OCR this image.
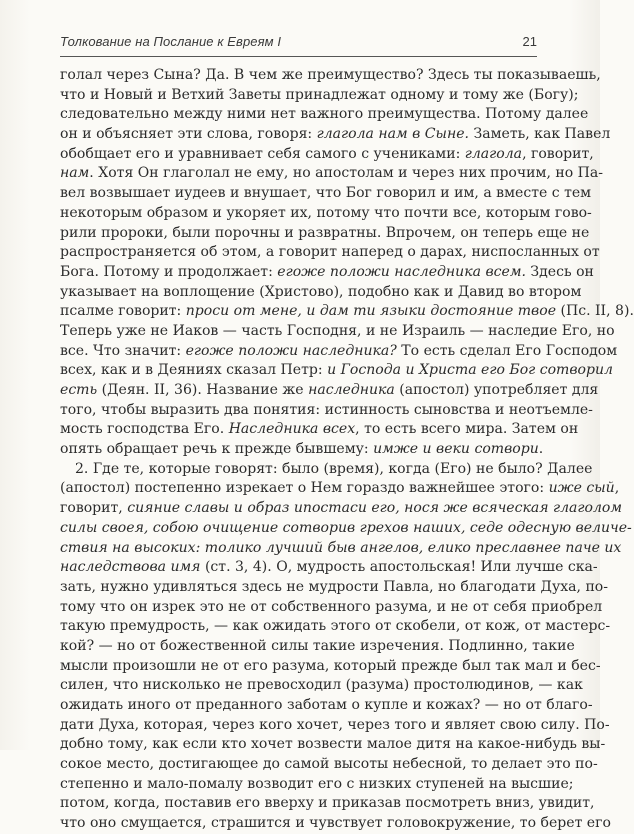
Толкование на Послание к Евреям I	21
голал через Сына? Да. В чем же преимущество? Здесь ты показываешь,
что и Новый и Ветхий Заветы принадлежат одному и тому же (Богу);
следовательно между ними нет важного преимущества. Потому далее
он и объясняет эти слова, говоря: глагола нам в Сыне. Заметь, как Павел
обобщает его и уравнивает себя самого с учениками: глагола, говорит,
нам. Хотя Он глаголал не ему, но апостолам и через них прочим, но Па-
вел возвышает иудеев и внушает, что Бог говорил и им, а вместе с тем
некоторым образом и укоряет их, потому что почти все, которым гово-
рили пророки, были порочны и развратны. Впрочем, он теперь еще не
распространяется об этом, а говорит наперед о дарах, ниспосланных от
Бога. Потому и продолжает: егоже положи наследника всем. Здесь он
указывает на воплощение (Христово), подобно как и Давид во втором
псалме говорит: проси от мене, и дам ти языки достояние твое (Пс. II, 8).
Теперь уже не Иаков — часть Господня, и не Израиль — наследие Его, но
все. Что значит: егоже положи наследника? То есть сделал Его Господом
всех, как и в Деяниях сказал Петр: и Господа и Христа его Бог сотворил
есть (Деян. II, 36). Название же наследника (апостол) употребляет для
того, чтобы выразить два понятия: истинность сыновства и неотъемле-
мость господства Его. Наследника всех, то есть всего мира. Затем он
опять обращает речь к прежде бывшему: имже и веки сотвори.
2. Где те, которые говорят: было (время), когда (Его) не было? Далее
(апостол) постепенно изрекает о Нем гораздо важнейшее этого: иже сый,
говорит, сияние славы и образ ипостаси его, нося же всяческая глаголом
силы своея, собою очищение сотворив грехов наших, седе одесную величе-
ствия на высоких: толико лучший быв ангелов, елико преславнее паче их
наследствова имя (ст. 3, 4). О, мудрость апостольская! Или лучше ска-
зать, нужно удивляться здесь не мудрости Павла, но благодати Духа, по-
тому что он изрек это не от собственного разума, и не от себя приобрел
такую премудрость, — как ожидать этого от скобели, от кож, от мастерс-
кой? — но от божественной силы такие изречения. Подлинно, такие
мысли произошли не от его разума, который прежде был так мал и бес-
силен, что нисколько не превосходил (разума) простолюдинов, — как
ожидать иного от преданного заботам о купле и кожах? — но от благо-
дати Духа, которая, через кого хочет, через того и являет свою силу. По-
добно тому, как если кто хочет возвести малое дитя на какое-нибудь вы-
сокое место, достигающее до самой высоты небесной, то делает это по-
степенно и мало-помалу возводит его с низких ступеней на высшие;
потом, когда, поставив его вверху и приказав посмотреть вниз, увидит,
что оно смущается, страшится и чувствует головокружение, то берет его
